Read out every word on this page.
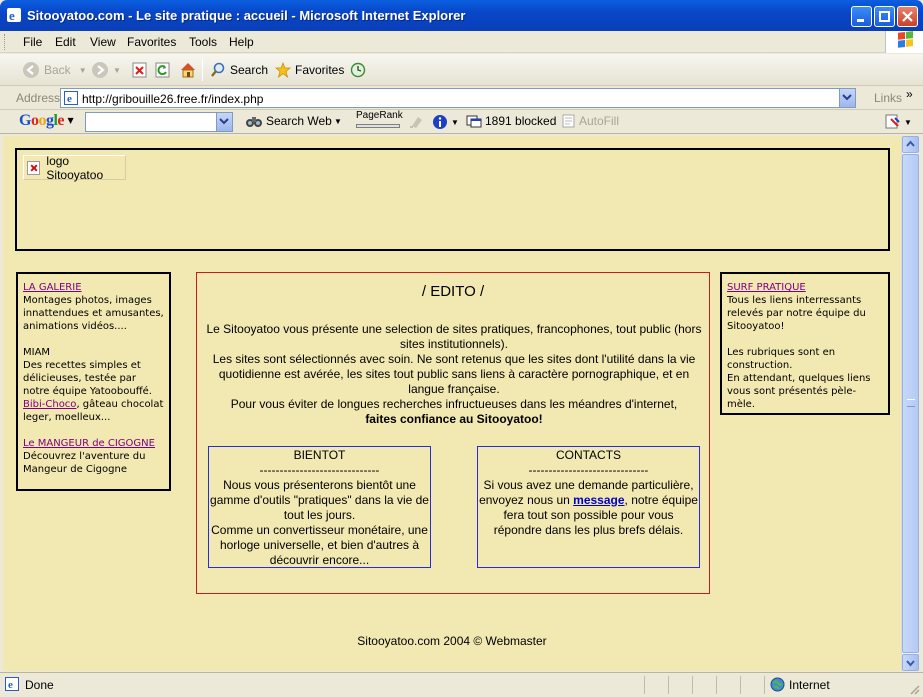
e Sitooyatoo.com - Le site pratique : accueil - Microsoft Internet Explorer
File Edit View Favorites Tools Help
Back ▼	▼	Search Favorites
Address e http://gribouille26.free.fr/index.php	Links »
Google ▼	Search Web ▼
PageRank
▼ 1891 blocked AutoFill	▼
logo Sitooyatoo
LA GALERIE
Montages photos, images innattendues et amusantes, animations vidéos....
MIAM
Des recettes simples et délicieuses, testée par notre équipe Yatoobouffé.
Bibi-Choco, gâteau chocolat leger, moelleux...
Le MANGEUR de CIGOGNE
Découvrez l'aventure du Mangeur de Cigogne
/ EDITO /
Le Sitooyatoo vous présente une selection de sites pratiques, francophones, tout public (hors sites institutionnels).
Les sites sont sélectionnés avec soin. Ne sont retenus que les sites dont l'utilité dans la vie quotidienne est avérée, les sites tout public sans liens à caractère pornographique, et en langue française.
Pour vous éviter de longues recherches infructueuses dans les méandres d'internet,
faites confiance au Sitooyatoo!
BIENTOT
------------------------------
Nous vous présenterons bientôt une gamme d'outils "pratiques" dans la vie de tout les jours.
Comme un convertisseur monétaire, une horloge universelle, et bien d'autres à découvrir encore...
CONTACTS
------------------------------
Si vous avez une demande particulière, envoyez nous un message, notre équipe fera tout son possible pour vous répondre dans les plus brefs délais.
SURF PRATIQUE
Tous les liens interressants relevés par notre équipe du Sitooyatoo!
Les rubriques sont en construction.
En attendant, quelques liens vous sont présentés pèle-mèle.
Sitooyatoo.com 2004 © Webmaster
e Done	Internet
